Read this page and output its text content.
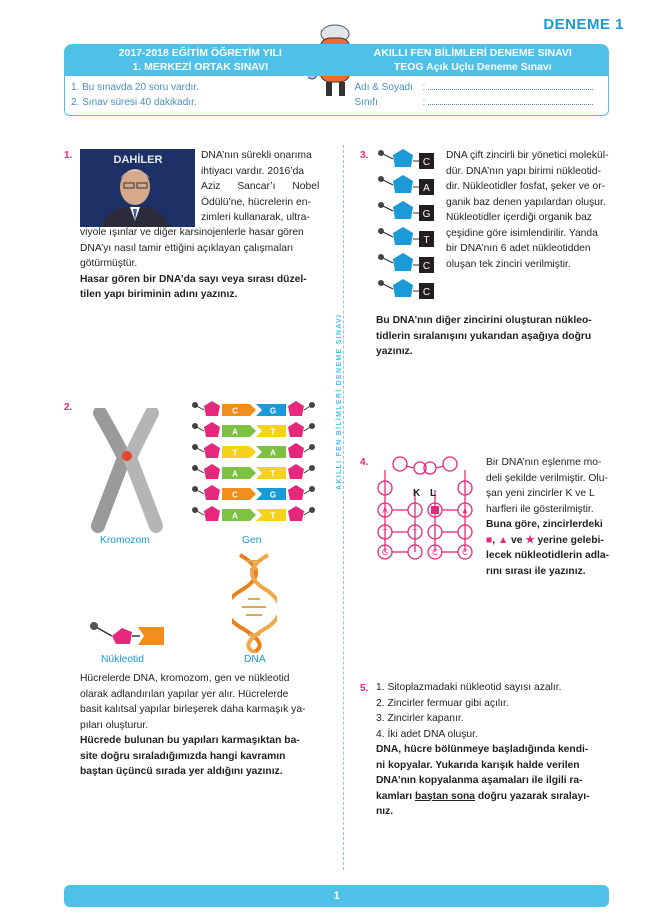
DENEME 1
2017-2018 EĞİTİM ÖĞRETİM YILI
1. MERKEZİ ORTAK SINAVI
AKILLI FEN BİLİMLERİ DENEME SINAVI
TEOG Açık Uçlu Deneme Sınavı
1. Bu sınavda 20 soru vardır.
2. Sınav süresi 40 dakikadır.
Adı & Soyadı :
Sınıfı	:
AKILLI FEN BİLİMLERİ DENEME SINAVI
1.	DAHİLER	DNA’nın sürekli onarıma
ihtiyacı vardır. 2016’da
Aziz Sancar’ı Nobel
Ödülü’ne, hücrelerin en-
zimleri kullanarak, ultra-
viyole ışınlar ve diğer karsinojenlerle hasar gören
DNA’yı nasıl tamir ettiğini açıklayan çalışmaları
götürmüştür.
Hasar gören bir DNA’da sayı veya sırası düzel-
tilen yapı biriminin adını yazınız.
2.
Kromozom
C	G
A	T
T	A
A	T
C	G
A	T
Gen
Nükleotid	DNA
Hücrelerde DNA, kromozom, gen ve nükleotid
olarak adlandırılan yapılar yer alır. Hücrelerde
basit kalıtsal yapılar birleşerek daha karmaşık ya-
pıları oluşturur.
Hücrede bulunan bu yapıları karmaşıktan ba-
site doğru sıraladığımızda hangi kavramın
baştan üçüncü sırada yer aldığını yazınız.
3.
C
A
G
T
C
C
DNA çift zincirli bir yönetici molekül-
dür. DNA’nın yapı birimi nükleotid-
dir. Nükleotidler fosfat, şeker ve or-
ganik baz denen yapılardan oluşur.
Nükleotidler içerdiği organik baz
çeşidine göre isimlendirilir. Yanda
bir DNA’nın 6 adet nükleotidden
oluşan tek zinciri verilmiştir.
Bu DNA’nın diğer zincirini oluşturan nükleo-
tidlerin sıralanışını yukarıdan aşağıya doğru
yazınız.
4.
K L
A
T
G
T
C
▲
C
Bir DNA’nın eşlenme mo-
deli şekilde verilmiştir. Olu-
şan yeni zincirler K ve L
harfleri ile gösterilmiştir.
Buna göre, zincirlerdeki
■, ▲ ve ★ yerine gelebi-
lecek nükleotidlerin adla-
rını sırası ile yazınız.
5. 1. Sitoplazmadaki nükleotid sayısı azalır.
2. Zincirler fermuar gibi açılır.
3. Zincirler kapanır.
4. İki adet DNA oluşur.
DNA, hücre bölünmeye başladığında kendi-
ni kopyalar. Yukarıda karışık halde verilen
DNA’nın kopyalanma aşamaları ile ilgili ra-
kamları baştan sona doğru yazarak sıralayı-
nız.
1
